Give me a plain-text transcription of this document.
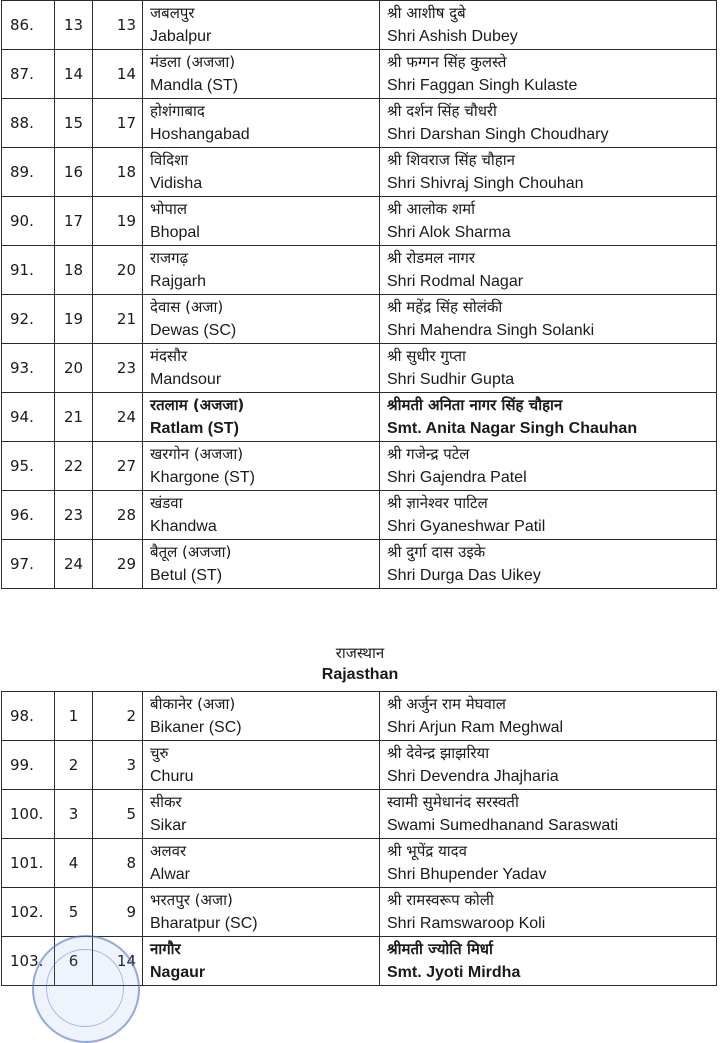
86.	13	13	जबलपुर
Jabalpur	श्री आशीष दुबे
Shri Ashish Dubey

87.	14	14	मंडला (अजजा)
Mandla (ST)	श्री फग्गन सिंह कुलस्ते
Shri Faggan Singh Kulaste

88.	15	17	होशंगाबाद
Hoshangabad	श्री दर्शन सिंह चौधरी
Shri Darshan Singh Choudhary

89.	16	18	विदिशा
Vidisha	श्री शिवराज सिंह चौहान
Shri Shivraj Singh Chouhan

90.	17	19	भोपाल
Bhopal	श्री आलोक शर्मा
Shri Alok Sharma

91.	18	20	राजगढ़
Rajgarh	श्री रोडमल नागर
Shri Rodmal Nagar

92.	19	21	देवास (अजा)
Dewas (SC)	श्री महेंद्र सिंह सोलंकी
Shri Mahendra Singh Solanki

93.	20	23	मंदसौर
Mandsour	श्री सुधीर गुप्ता
Shri Sudhir Gupta

94.	21	24	रतलाम (अजजा)
Ratlam (ST)	श्रीमती अनिता नागर सिंह चौहान
Smt. Anita Nagar Singh Chauhan

95.	22	27	खरगोन (अजजा)
Khargone (ST)	श्री गजेन्द्र पटेल
Shri Gajendra Patel

96.	23	28	खंडवा
Khandwa	श्री ज्ञानेश्वर पाटिल
Shri Gyaneshwar Patil

97.	24	29	बैतूल (अजजा)
Betul (ST)	श्री दुर्गा दास उइके
Shri Durga Das Uikey
राजस्थान
Rajasthan
98.	1	2	बीकानेर (अजा)
Bikaner (SC)	श्री अर्जुन राम मेघवाल
Shri Arjun Ram Meghwal

99.	2	3	चुरु
Churu	श्री देवेन्द्र झाझरिया
Shri Devendra Jhajharia

100.	3	5	सीकर
Sikar	स्वामी सुमेधानंद सरस्वती
Swami Sumedhanand Saraswati

101.	4	8	अलवर
Alwar	श्री भूपेंद्र यादव
Shri Bhupender Yadav

102.	5	9	भरतपुर (अजा)
Bharatpur (SC)	श्री रामस्वरूप कोली
Shri Ramswaroop Koli

103.	6	14	नागौर
Nagaur	श्रीमती ज्योति मिर्धा
Smt. Jyoti Mirdha
